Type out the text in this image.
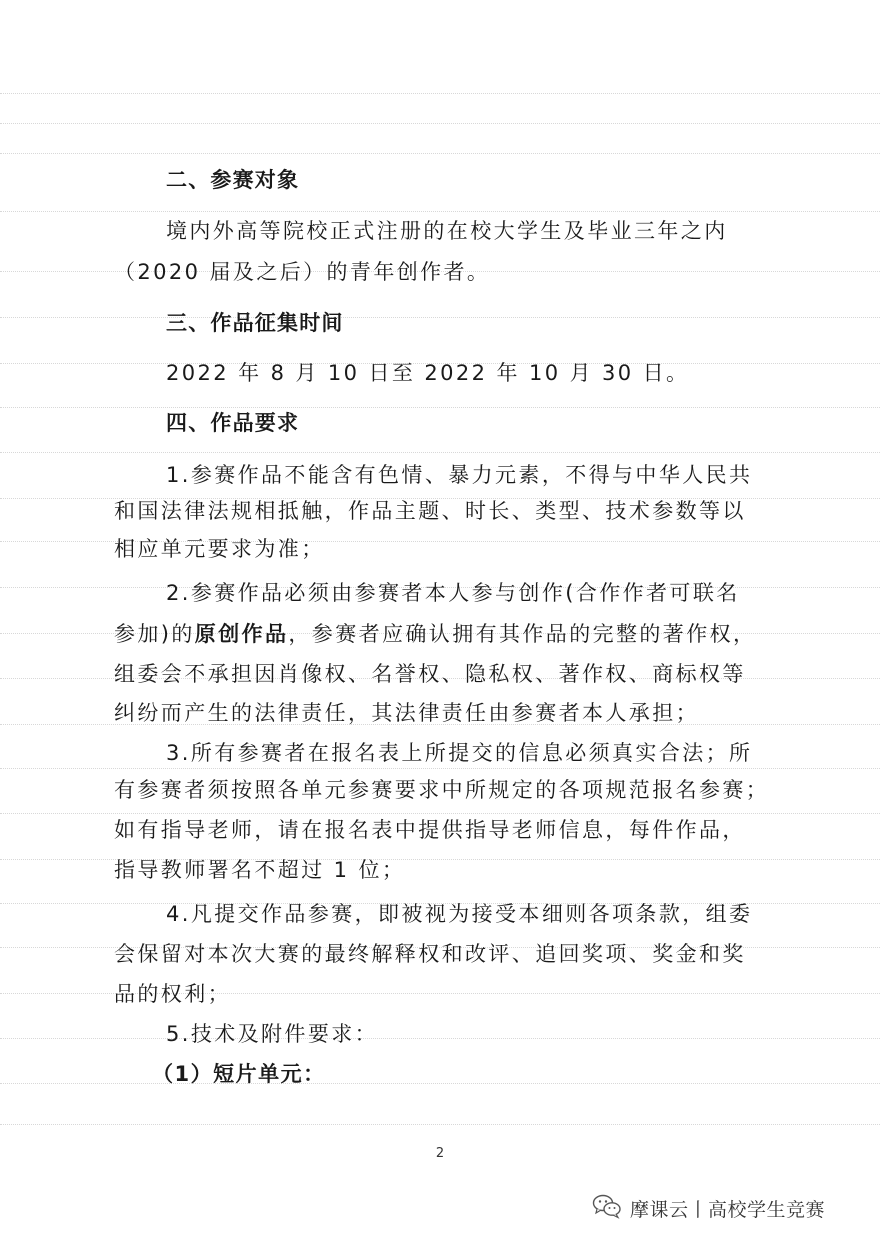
二、参赛对象
境内外高等院校正式注册的在校大学生及毕业三年之内
（2020 届及之后）的青年创作者。
三、作品征集时间
2022 年 8 月 10 日至 2022 年 10 月 30 日。
四、作品要求
1.参赛作品不能含有色情、暴力元素，不得与中华人民共
和国法律法规相抵触，作品主题、时长、类型、技术参数等以
相应单元要求为准；
2.参赛作品必须由参赛者本人参与创作(合作作者可联名
参加)的原创作品，参赛者应确认拥有其作品的完整的著作权，
组委会不承担因肖像权、名誉权、隐私权、著作权、商标权等
纠纷而产生的法律责任，其法律责任由参赛者本人承担；
3.所有参赛者在报名表上所提交的信息必须真实合法；所
有参赛者须按照各单元参赛要求中所规定的各项规范报名参赛；
如有指导老师，请在报名表中提供指导老师信息，每件作品，
指导教师署名不超过 1 位；
4.凡提交作品参赛，即被视为接受本细则各项条款，组委
会保留对本次大赛的最终解释权和改评、追回奖项、奖金和奖
品的权利；
5.技术及附件要求：
（1）短片单元：
2
摩课云丨高校学生竞赛
